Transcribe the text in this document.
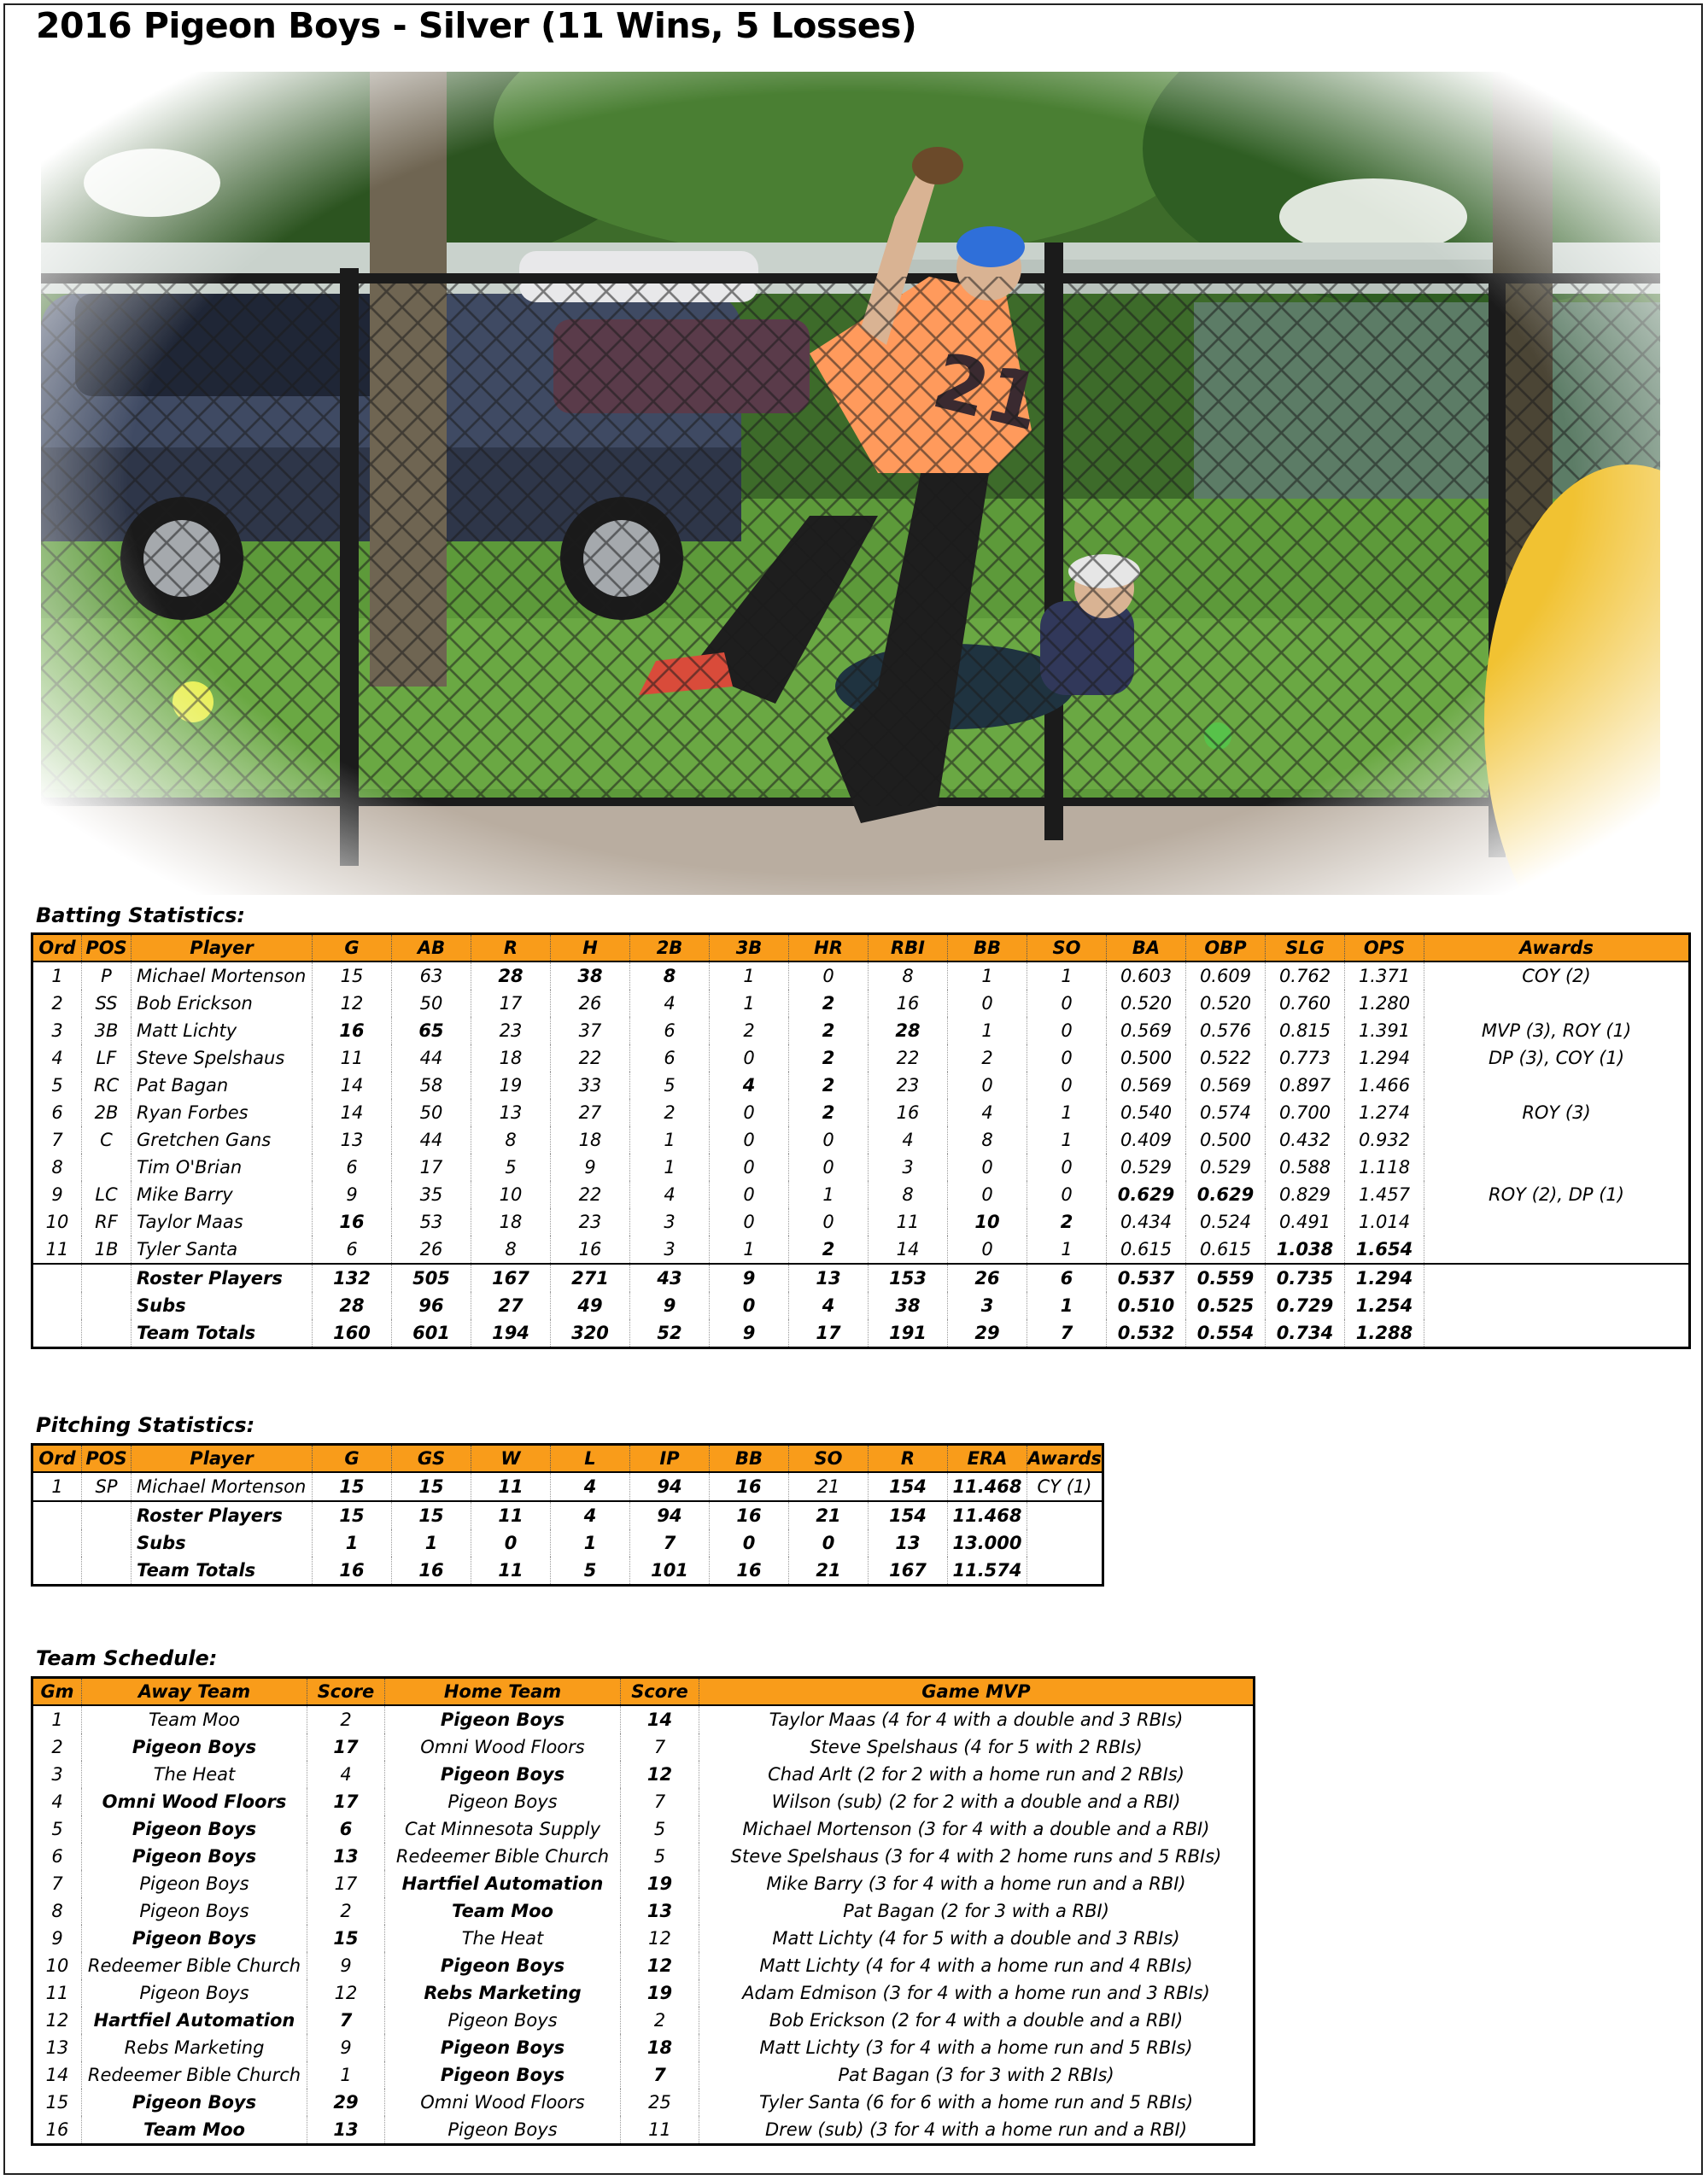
2016 Pigeon Boys - Silver (11 Wins, 5 Losses)
Batting Statistics:
Ord	POS	Player	G	AB	R	H	2B	3B	HR	RBI	BB	SO	BA	OBP	SLG	OPS	Awards
1	P	Michael Mortenson	15	63	28	38	8	1	0	8	1	1	0.603	0.609	0.762	1.371	COY (2)
2	SS	Bob Erickson	12	50	17	26	4	1	2	16	0	0	0.520	0.520	0.760	1.280	
3	3B	Matt Lichty	16	65	23	37	6	2	2	28	1	0	0.569	0.576	0.815	1.391	MVP (3), ROY (1)
4	LF	Steve Spelshaus	11	44	18	22	6	0	2	22	2	0	0.500	0.522	0.773	1.294	DP (3), COY (1)
5	RC	Pat Bagan	14	58	19	33	5	4	2	23	0	0	0.569	0.569	0.897	1.466	
6	2B	Ryan Forbes	14	50	13	27	2	0	2	16	4	1	0.540	0.574	0.700	1.274	ROY (3)
7	C	Gretchen Gans	13	44	8	18	1	0	0	4	8	1	0.409	0.500	0.432	0.932	
8		Tim O'Brian	6	17	5	9	1	0	0	3	0	0	0.529	0.529	0.588	1.118	
9	LC	Mike Barry	9	35	10	22	4	0	1	8	0	0	0.629	0.629	0.829	1.457	ROY (2), DP (1)
10	RF	Taylor Maas	16	53	18	23	3	0	0	11	10	2	0.434	0.524	0.491	1.014	
11	1B	Tyler Santa	6	26	8	16	3	1	2	14	0	1	0.615	0.615	1.038	1.654	
		Roster Players	132	505	167	271	43	9	13	153	26	6	0.537	0.559	0.735	1.294	
		Subs	28	96	27	49	9	0	4	38	3	1	0.510	0.525	0.729	1.254	
		Team Totals	160	601	194	320	52	9	17	191	29	7	0.532	0.554	0.734	1.288	
Pitching Statistics:
Ord	POS	Player	G	GS	W	L	IP	BB	SO	R	ERA	Awards
1	SP	Michael Mortenson	15	15	11	4	94	16	21	154	11.468	CY (1)
		Roster Players	15	15	11	4	94	16	21	154	11.468	
		Subs	1	1	0	1	7	0	0	13	13.000	
		Team Totals	16	16	11	5	101	16	21	167	11.574	
Team Schedule:
Gm	Away Team	Score	Home Team	Score	Game MVP
1	Team Moo	2	Pigeon Boys	14	Taylor Maas (4 for 4 with a double and 3 RBIs)
2	Pigeon Boys	17	Omni Wood Floors	7	Steve Spelshaus (4 for 5 with 2 RBIs)
3	The Heat	4	Pigeon Boys	12	Chad Arlt (2 for 2 with a home run and 2 RBIs)
4	Omni Wood Floors	17	Pigeon Boys	7	Wilson (sub) (2 for 2 with a double and a RBI)
5	Pigeon Boys	6	Cat Minnesota Supply	5	Michael Mortenson (3 for 4 with a double and a RBI)
6	Pigeon Boys	13	Redeemer Bible Church	5	Steve Spelshaus (3 for 4 with 2 home runs and 5 RBIs)
7	Pigeon Boys	17	Hartfiel Automation	19	Mike Barry (3 for 4 with a home run and a RBI)
8	Pigeon Boys	2	Team Moo	13	Pat Bagan (2 for 3 with a RBI)
9	Pigeon Boys	15	The Heat	12	Matt Lichty (4 for 5 with a double and 3 RBIs)
10	Redeemer Bible Church	9	Pigeon Boys	12	Matt Lichty (4 for 4 with a home run and 4 RBIs)
11	Pigeon Boys	12	Rebs Marketing	19	Adam Edmison (3 for 4 with a home run and 3 RBIs)
12	Hartfiel Automation	7	Pigeon Boys	2	Bob Erickson (2 for 4 with a double and a RBI)
13	Rebs Marketing	9	Pigeon Boys	18	Matt Lichty (3 for 4 with a home run and 5 RBIs)
14	Redeemer Bible Church	1	Pigeon Boys	7	Pat Bagan (3 for 3 with 2 RBIs)
15	Pigeon Boys	29	Omni Wood Floors	25	Tyler Santa (6 for 6 with a home run and 5 RBIs)
16	Team Moo	13	Pigeon Boys	11	Drew (sub) (3 for 4 with a home run and a RBI)
